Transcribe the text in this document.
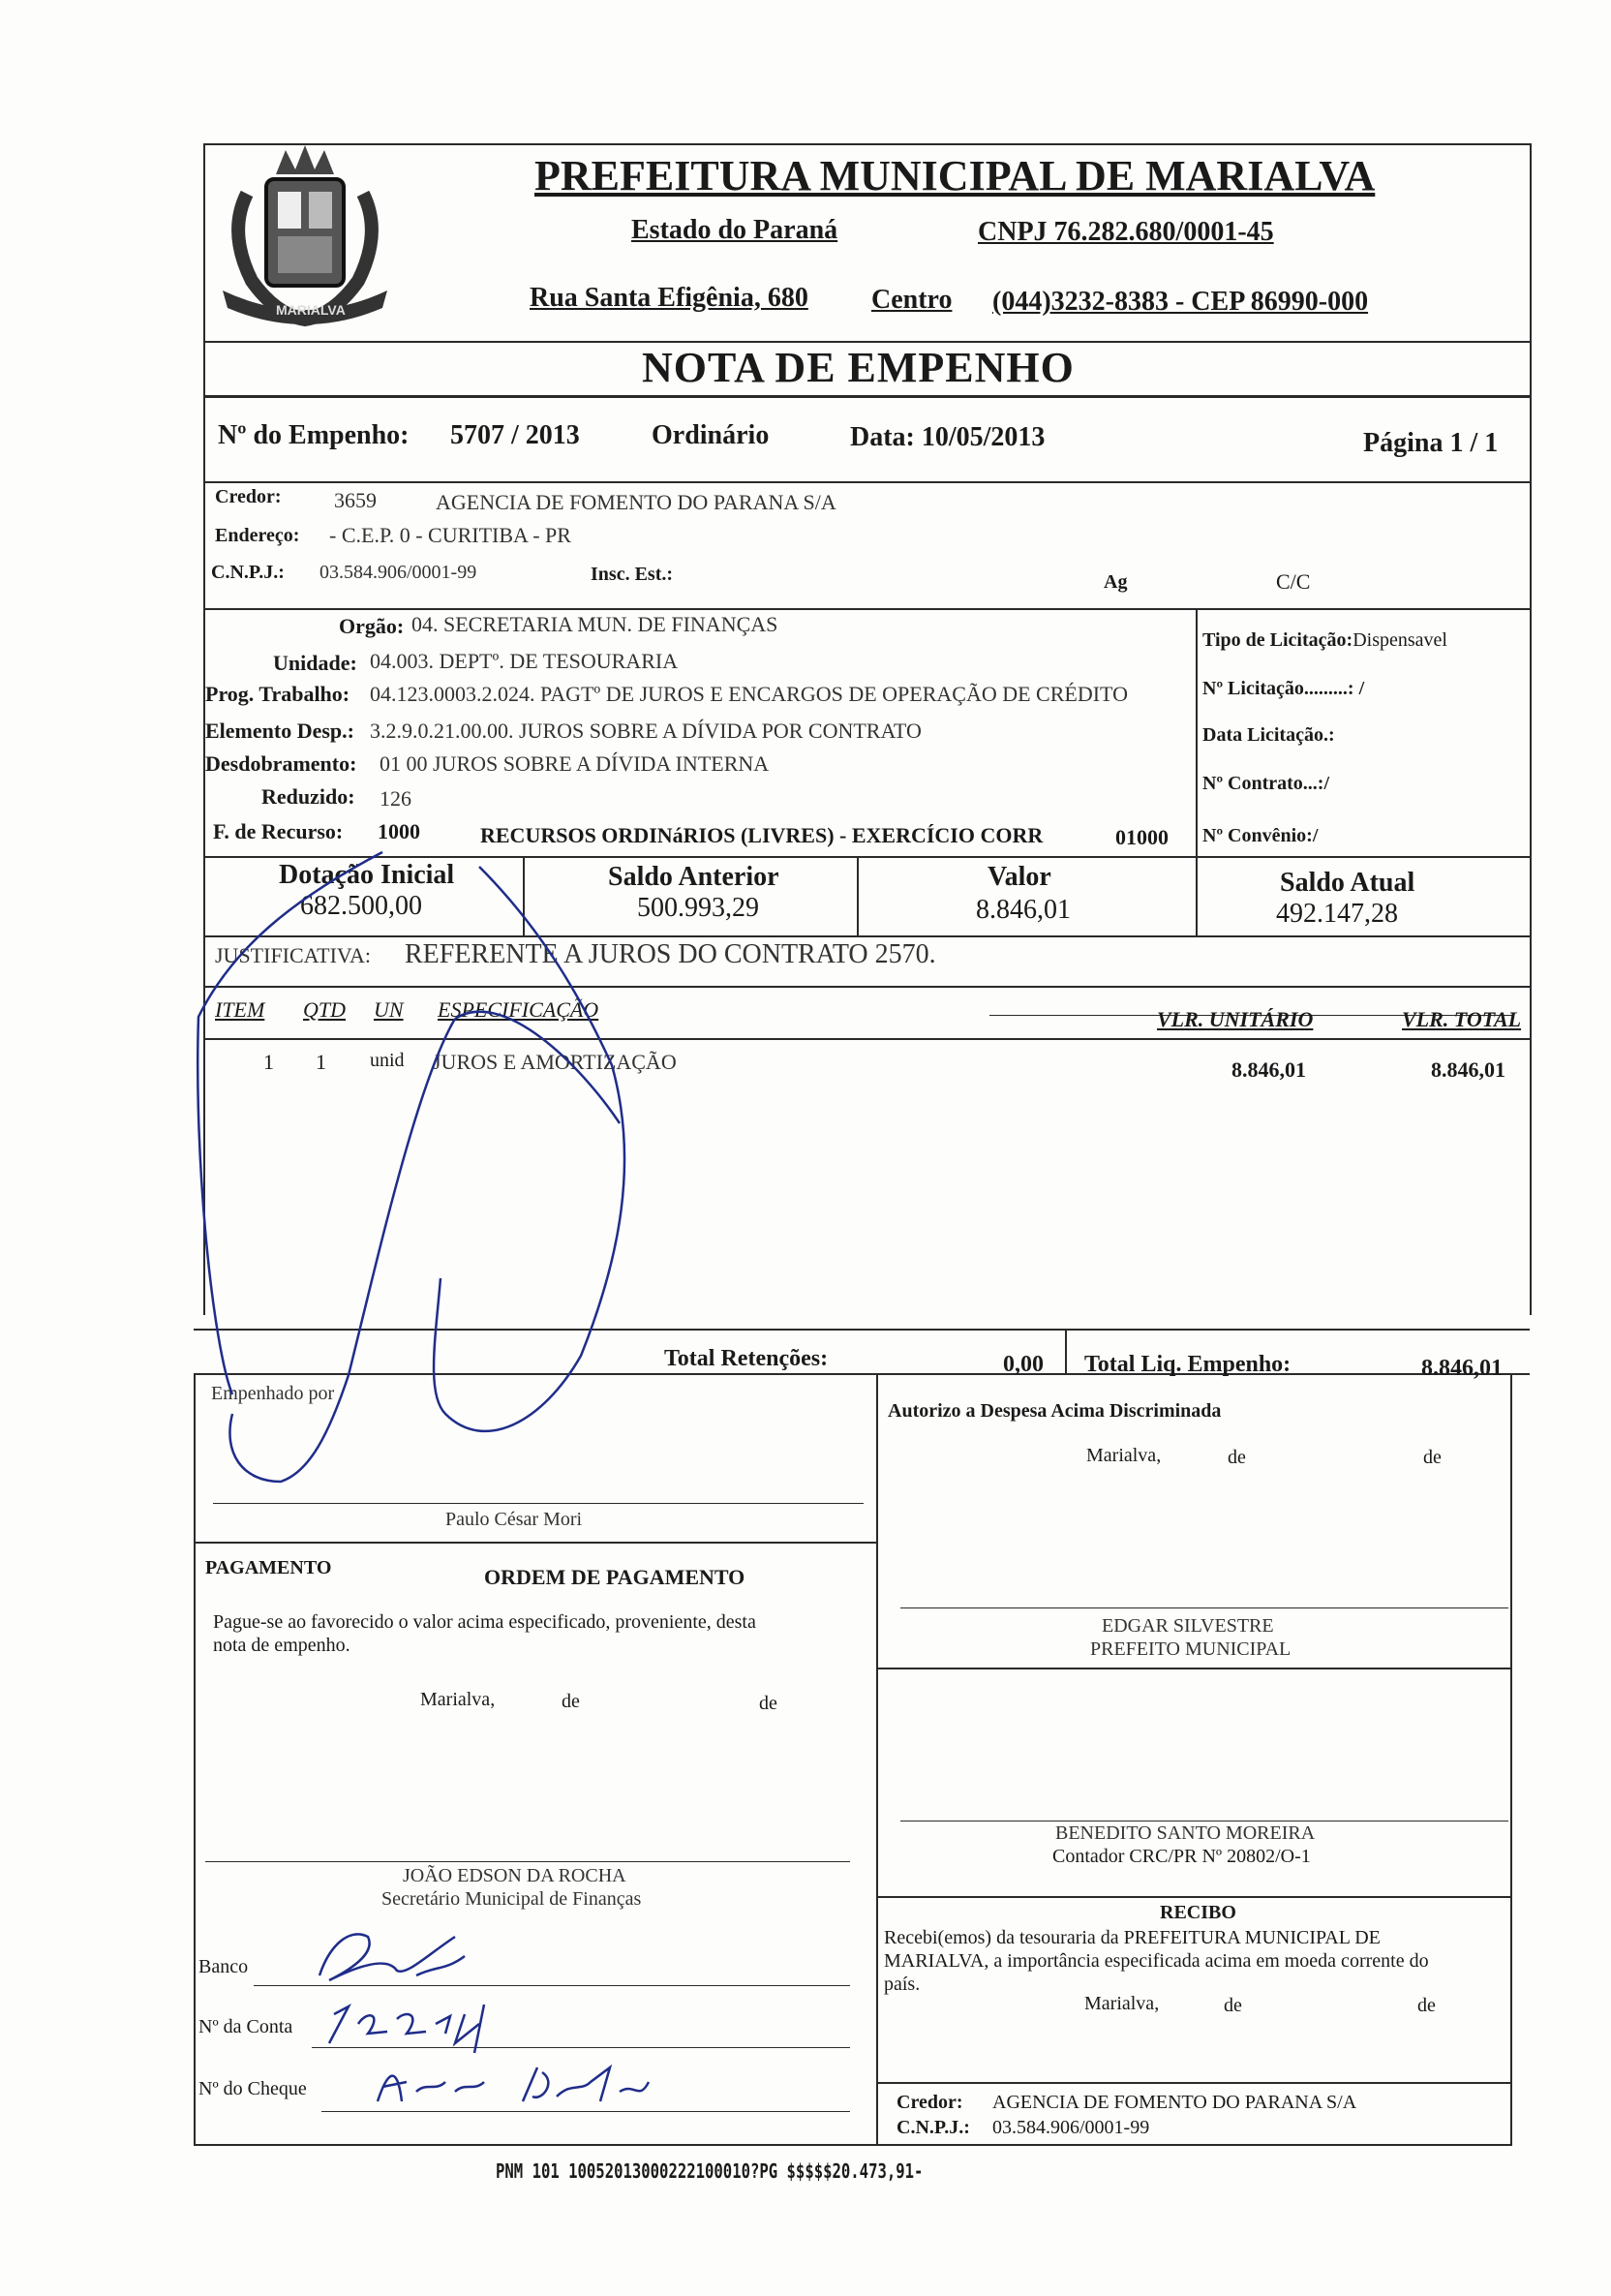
MARIALVA
PREFEITURA MUNICIPAL DE MARIALVA
Estado do Paraná	CNPJ 76.282.680/0001-45
Rua Santa Efigênia, 680 Centro (044)3232-8383 - CEP 86990-000
NOTA DE EMPENHO
Nº do Empenho: 5707 / 2013	Ordinário	Data: 10/05/2013	Página 1 / 1
Credor: 3659	AGENCIA DE FOMENTO DO PARANA S/A
Endereço: - C.E.P. 0 - CURITIBA - PR
C.N.P.J.: 03.584.906/0001-99	Insc. Est.:	Ag	C/C
Orgão: 04. SECRETARIA MUN. DE FINANÇAS
Unidade: 04.003. DEPTº. DE TESOURARIA
Prog. Trabalho: 04.123.0003.2.024. PAGTº DE JUROS E ENCARGOS DE OPERAÇÃO DE CRÉDITO
Elemento Desp.: 3.2.9.0.21.00.00. JUROS SOBRE A DÍVIDA POR CONTRATO
Desdobramento: 01 00 JUROS SOBRE A DÍVIDA INTERNA
Reduzido: 126
F. de Recurso: 1000	RECURSOS ORDINáRIOS (LIVRES) - EXERCÍCIO CORR	01000
Tipo de Licitação:Dispensavel
Nº Licitação.........: /
Data Licitação.:
Nº Contrato...:/
Nº Convênio:/
Dotação Inicial
682.500,00
Saldo Anterior
500.993,29
Valor
8.846,01
Saldo Atual
492.147,28
JUSTIFICATIVA: REFERENTE A JUROS DO CONTRATO 2570.
ITEM QTD UN ESPECIFICAÇÃO	VLR. UNITÁRIO	VLR. TOTAL
1 1 unid JUROS E AMORTIZAÇÃO	8.846,01	8.846,01
Total Retenções:	0,00 Total Liq. Empenho:	8.846,01
Empenhado por
Paulo César Mori
Autorizo a Despesa Acima Discriminada
Marialva,	de	de
EDGAR SILVESTRE
PREFEITO MUNICIPAL
BENEDITO SANTO MOREIRA
Contador CRC/PR Nº 20802/O-1
PAGAMENTO	ORDEM DE PAGAMENTO
Pague-se ao favorecido o valor acima especificado, proveniente, desta
nota de empenho.
Marialva,	de	de
JOÃO EDSON DA ROCHA
Secretário Municipal de Finanças
Banco
Nº da Conta
Nº do Cheque
RECIBO
Recebi(emos) da tesouraria da PREFEITURA MUNICIPAL DE
MARIALVA, a importância especificada acima em moeda corrente do
país.
Marialva,	de	de
Credor: AGENCIA DE FOMENTO DO PARANA S/A
C.N.P.J.: 03.584.906/0001-99
PNM 101 10052013000222100010?PG $$$$$20.473,91-
